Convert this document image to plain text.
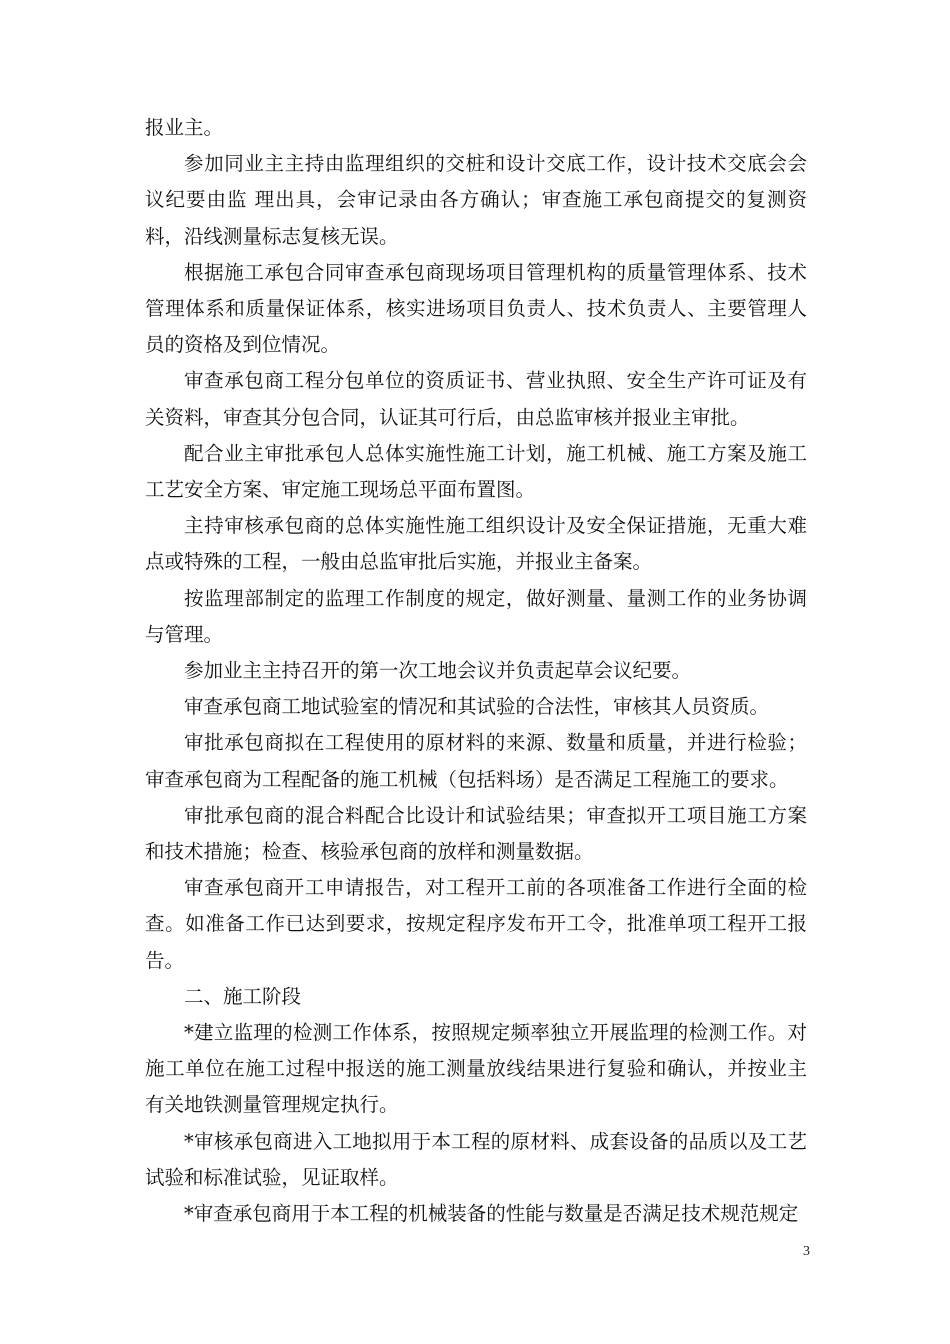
报业主。

参加同业主主持由监理组织的交桩和设计交底工作，设计技术交底会会议纪要由监 理出具，会审记录由各方确认；审查施工承包商提交的复测资料，沿线测量标志复核无误。

根据施工承包合同审查承包商现场项目管理机构的质量管理体系、技术管理体系和质量保证体系，核实进场项目负责人、技术负责人、主要管理人员的资格及到位情况。

审查承包商工程分包单位的资质证书、营业执照、安全生产许可证及有关资料，审查其分包合同，认证其可行后，由总监审核并报业主审批。

配合业主审批承包人总体实施性施工计划，施工机械、施工方案及施工工艺安全方案、审定施工现场总平面布置图。

主持审核承包商的总体实施性施工组织设计及安全保证措施，无重大难点或特殊的工程，一般由总监审批后实施，并报业主备案。

按监理部制定的监理工作制度的规定，做好测量、量测工作的业务协调与管理。

参加业主主持召开的第一次工地会议并负责起草会议纪要。

审查承包商工地试验室的情况和其试验的合法性，审核其人员资质。

审批承包商拟在工程使用的原材料的来源、数量和质量，并进行检验；审查承包商为工程配备的施工机械（包括料场）是否满足工程施工的要求。

审批承包商的混合料配合比设计和试验结果；审查拟开工项目施工方案和技术措施；检查、核验承包商的放样和测量数据。

审查承包商开工申请报告，对工程开工前的各项准备工作进行全面的检查。如准备工作已达到要求，按规定程序发布开工令，批准单项工程开工报告。

二、施工阶段

*建立监理的检测工作体系，按照规定频率独立开展监理的检测工作。对施工单位在施工过程中报送的施工测量放线结果进行复验和确认，并按业主有关地铁测量管理规定执行。

*审核承包商进入工地拟用于本工程的原材料、成套设备的品质以及工艺试验和标准试验，见证取样。

*审查承包商用于本工程的机械装备的性能与数量是否满足技术规范规定

3
